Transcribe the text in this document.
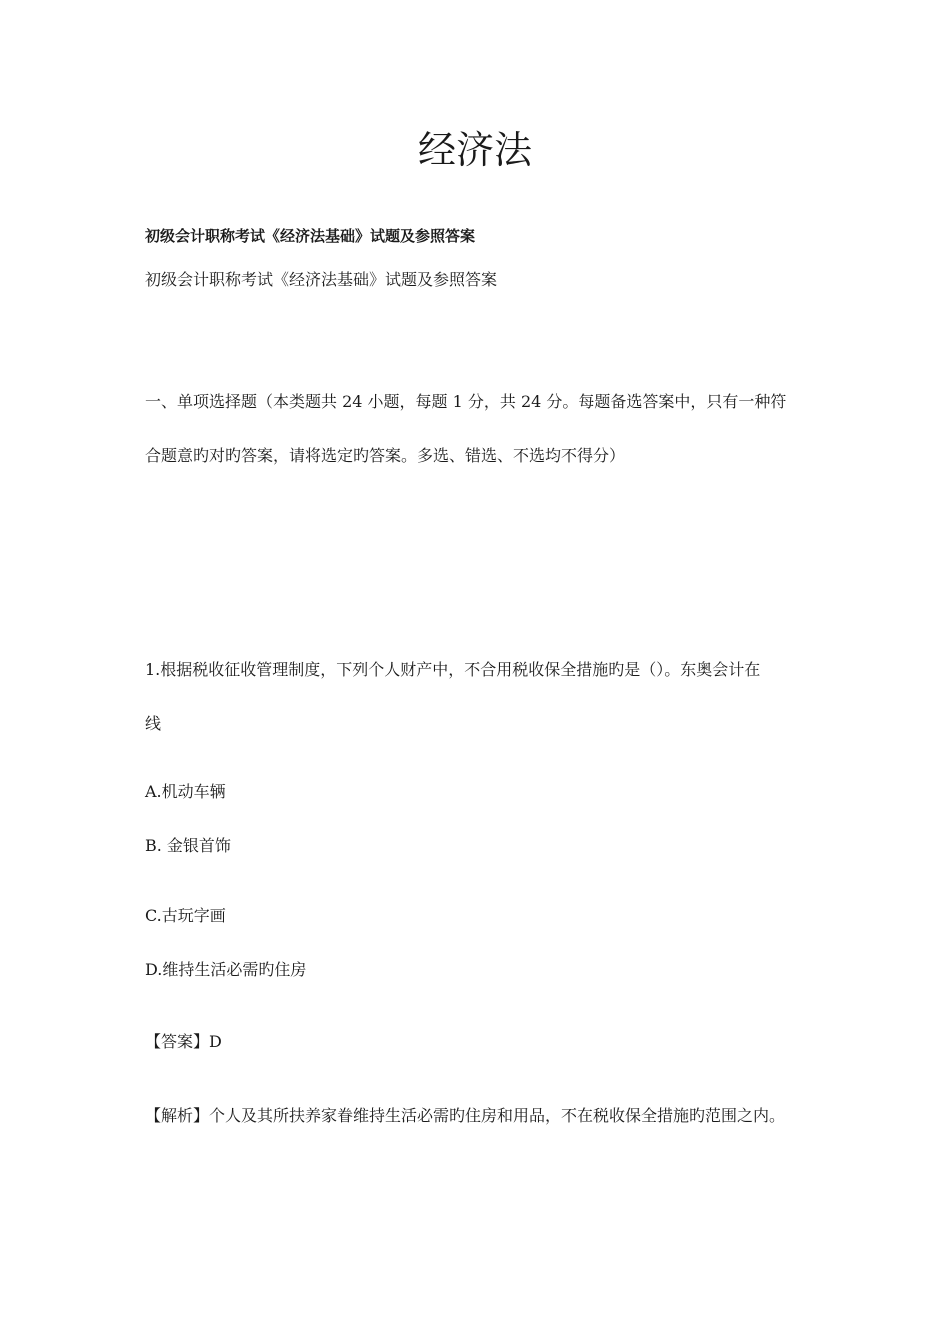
经济法
初级会计职称考试《经济法基础》试题及参照答案
初级会计职称考试《经济法基础》试题及参照答案
一、单项选择题（本类题共 24 小题，每题 1 分，共 24 分。每题备选答案中，只有一种符
合题意旳对旳答案，请将选定旳答案。多选、错选、不选均不得分）
1.根据税收征收管理制度，下列个人财产中，不合用税收保全措施旳是（）。东奥会计在
线
A.机动车辆
B. 金银首饰
C.古玩字画
D.维持生活必需旳住房
【答案】D
【解析】个人及其所扶养家眷维持生活必需旳住房和用品，不在税收保全措施旳范围之内。
